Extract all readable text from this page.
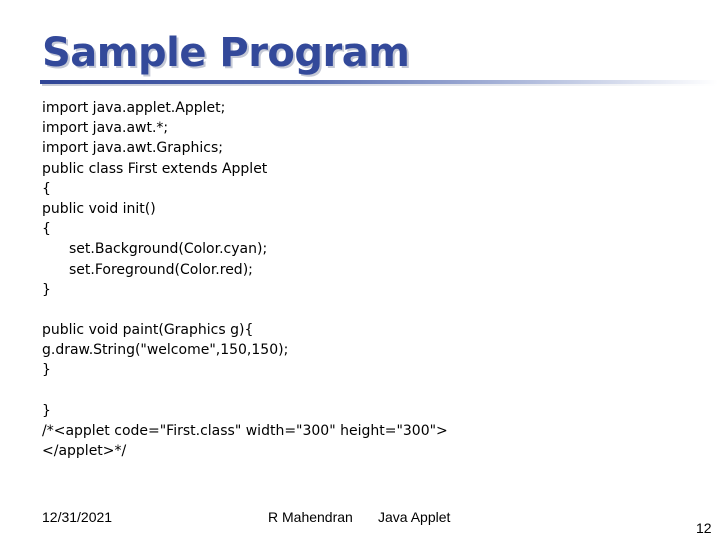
Sample Program
import java.applet.Applet;
import java.awt.*;
import java.awt.Graphics;
public class First extends Applet
{
public void init()
{
set.Background(Color.cyan);
set.Foreground(Color.red);
}
public void paint(Graphics g){
g.draw.String("welcome",150,150);
}
}
/*<applet code="First.class" width="300" height="300">
</applet>*/
12/31/2021	R Mahendran Java Applet
12
